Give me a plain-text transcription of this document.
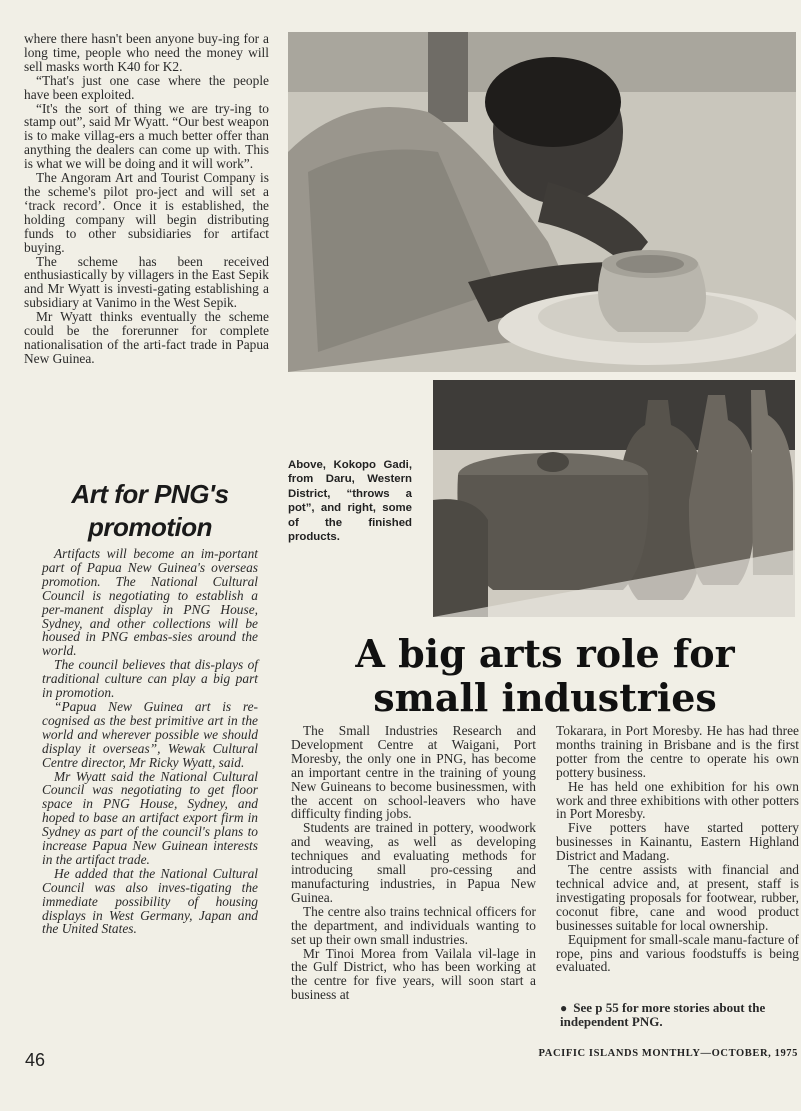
where there hasn't been anyone buy-ing for a long time, people who need the money will sell masks worth K40 for K2.

“That's just one case where the people have been exploited.

“It's the sort of thing we are try-ing to stamp out”, said Mr Wyatt. “Our best weapon is to make villag-ers a much better offer than anything the dealers can come up with. This is what we will be doing and it will work”.

The Angoram Art and Tourist Company is the scheme's pilot pro-ject and will set a ‘track record’. Once it is established, the holding company will begin distributing funds to other subsidiaries for artifact buying.

The scheme has been received enthusiastically by villagers in the East Sepik and Mr Wyatt is investi-gating establishing a subsidiary at Vanimo in the West Sepik.

Mr Wyatt thinks eventually the scheme could be the forerunner for complete nationalisation of the arti-fact trade in Papua New Guinea.

Art for PNG's
promotion

Artifacts will become an im-portant part of Papua New Guinea's overseas promotion. The National Cultural Council is negotiating to establish a per-manent display in PNG House, Sydney, and other collections will be housed in PNG embas-sies around the world.

The council believes that dis-plays of traditional culture can play a big part in promotion.

“Papua New Guinea art is re-cognised as the best primitive art in the world and wherever possible we should display it overseas”, Wewak Cultural Centre director, Mr Ricky Wyatt, said.

Mr Wyatt said the National Cultural Council was negotiating to get floor space in PNG House, Sydney, and hoped to base an artifact export firm in Sydney as part of the council's plans to increase Papua New Guinean interests in the artifact trade.

He added that the National Cultural Council was also inves-tigating the immediate possibility of housing displays in West Germany, Japan and the United States.

Above, Kokopo Gadi, from Daru, Western District, “throws a pot”, and right, some of the finished products.
A big arts role for
small industries

The Small Industries Research and Development Centre at Waigani, Port Moresby, the only one in PNG, has become an important centre in the training of young New Guineans to become businessmen, with the accent on school-leavers who have difficulty finding jobs.

Students are trained in pottery, woodwork and weaving, as well as developing techniques and evaluating methods for introducing small pro-cessing and manufacturing industries, in Papua New Guinea.

The centre also trains technical officers for the department, and individuals wanting to set up their own small industries.

Mr Tinoi Morea from Vailala vil-lage in the Gulf District, who has been working at the centre for five years, will soon start a business at

Tokarara, in Port Moresby. He has had three months training in Brisbane and is the first potter from the centre to operate his own pottery business.

He has held one exhibition for his own work and three exhibitions with other potters in Port Moresby.

Five potters have started pottery businesses in Kainantu, Eastern Highland District and Madang.

The centre assists with financial and technical advice and, at present, staff is investigating proposals for footwear, rubber, coconut fibre, cane and wood product businesses suitable for local ownership.

Equipment for small-scale manu-facture of rope, pins and various foodstuffs is being evaluated.

● See p 55 for more stories about the independent PNG.
46	PACIFIC ISLANDS MONTHLY—OCTOBER, 1975
